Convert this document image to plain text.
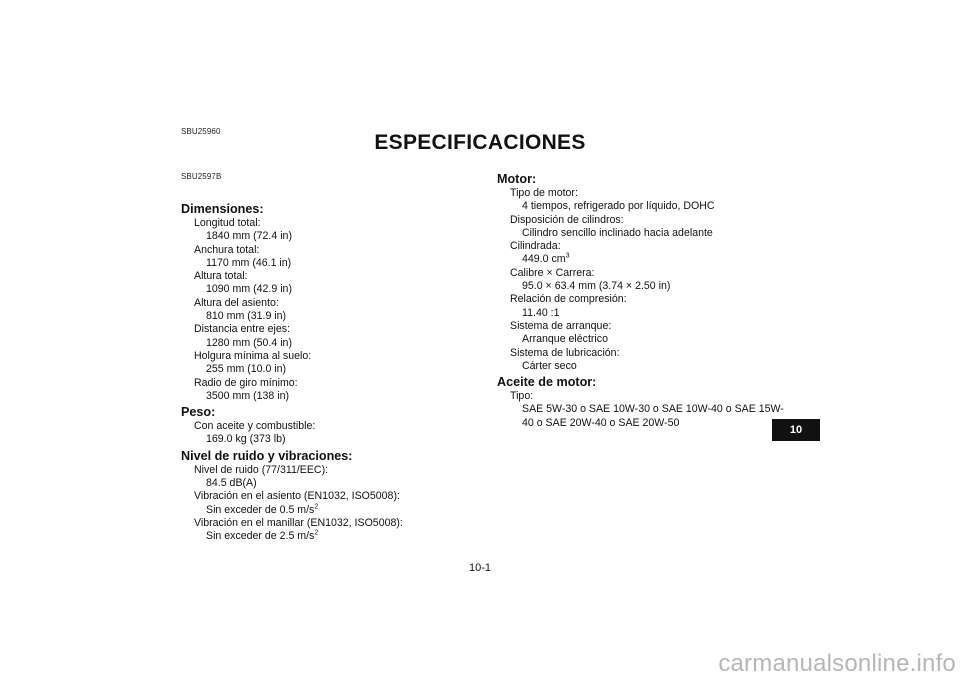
SBU25960	ESPECIFICACIONES
SBU2597B
Dimensiones:
Longitud total:
1840 mm (72.4 in)
Anchura total:
1170 mm (46.1 in)
Altura total:
1090 mm (42.9 in)
Altura del asiento:
810 mm (31.9 in)
Distancia entre ejes:
1280 mm (50.4 in)
Holgura mínima al suelo:
255 mm (10.0 in)
Radio de giro mínimo:
3500 mm (138 in)
Peso:
Con aceite y combustible:
169.0 kg (373 lb)
Nivel de ruido y vibraciones:
Nivel de ruido (77/311/EEC):
84.5 dB(A)
Vibración en el asiento (EN1032, ISO5008):
Sin exceder de 0.5 $m/s^2$
Vibración en el manillar (EN1032, ISO5008):
Sin exceder de 2.5 $m/s^2$
Motor:
Tipo de motor:
4 tiempos, refrigerado por líquido, DOHC
Disposición de cilindros:
Cilindro sencillo inclinado hacia adelante
Cilindrada:
449.0 $cm^3$
Calibre × Carrera:
95.0 × 63.4 mm (3.74 × 2.50 in)
Relación de compresión:
11.40 :1
Sistema de arranque:
Arranque eléctrico
Sistema de lubricación:
Cárter seco
Aceite de motor:
Tipo:
SAE 5W-30 o SAE 10W-30 o SAE 10W-40 o SAE 15W-
40 o SAE 20W-40 o SAE 20W-50
10
10-1
carmanualsonline.info
